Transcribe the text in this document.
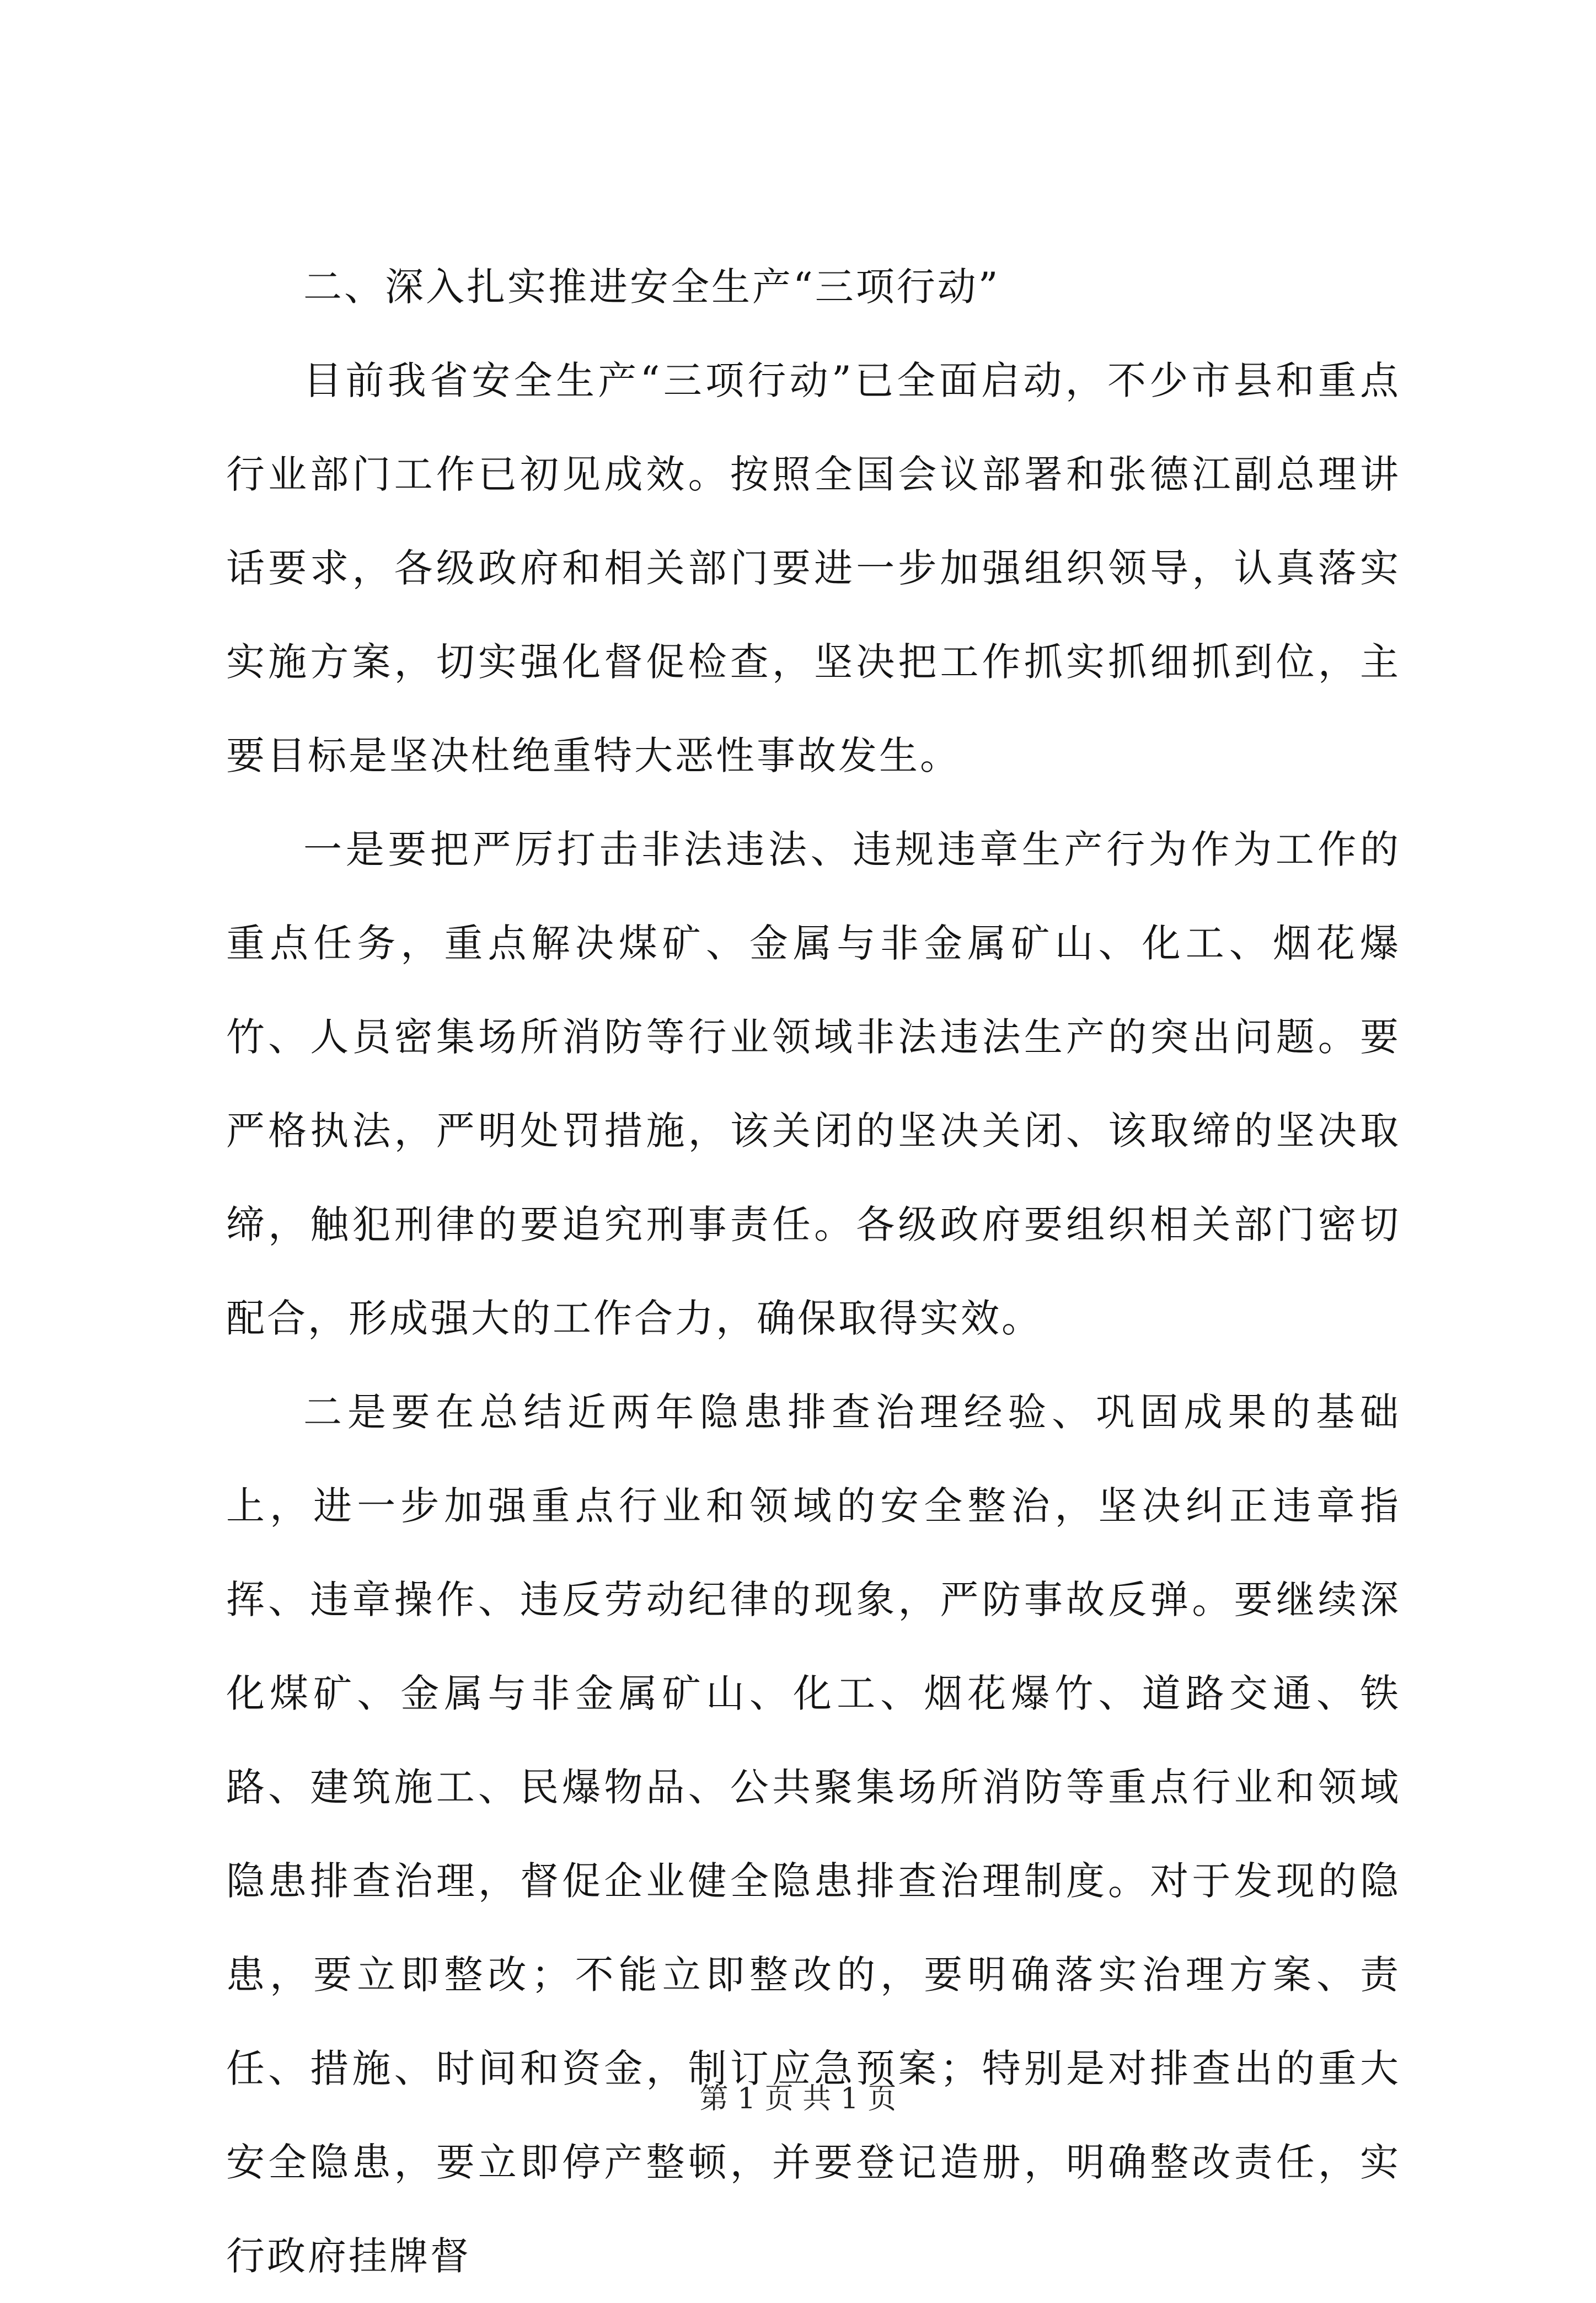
二、深入扎实推进安全生产“三项行动”

目前我省安全生产“三项行动”已全面启动，不少市县和重点行业部门工作已初见成效。按照全国会议部署和张德江副总理讲话要求，各级政府和相关部门要进一步加强组织领导，认真落实实施方案，切实强化督促检查，坚决把工作抓实抓细抓到位，主要目标是坚决杜绝重特大恶性事故发生。

一是要把严厉打击非法违法、违规违章生产行为作为工作的重点任务，重点解决煤矿、金属与非金属矿山、化工、烟花爆竹、人员密集场所消防等行业领域非法违法生产的突出问题。要严格执法，严明处罚措施，该关闭的坚决关闭、该取缔的坚决取缔，触犯刑律的要追究刑事责任。各级政府要组织相关部门密切配合，形成强大的工作合力，确保取得实效。

二是要在总结近两年隐患排查治理经验、巩固成果的基础上，进一步加强重点行业和领域的安全整治，坚决纠正违章指挥、违章操作、违反劳动纪律的现象，严防事故反弹。要继续深化煤矿、金属与非金属矿山、化工、烟花爆竹、道路交通、铁路、建筑施工、民爆物品、公共聚集场所消防等重点行业和领域隐患排查治理，督促企业健全隐患排查治理制度。对于发现的隐患，要立即整改；不能立即整改的，要明确落实治理方案、责任、措施、时间和资金，制订应急预案；特别是对排查出的重大安全隐患，要立即停产整顿，并要登记造册，明确整改责任，实行政府挂牌督

第 1 页 共 1 页
